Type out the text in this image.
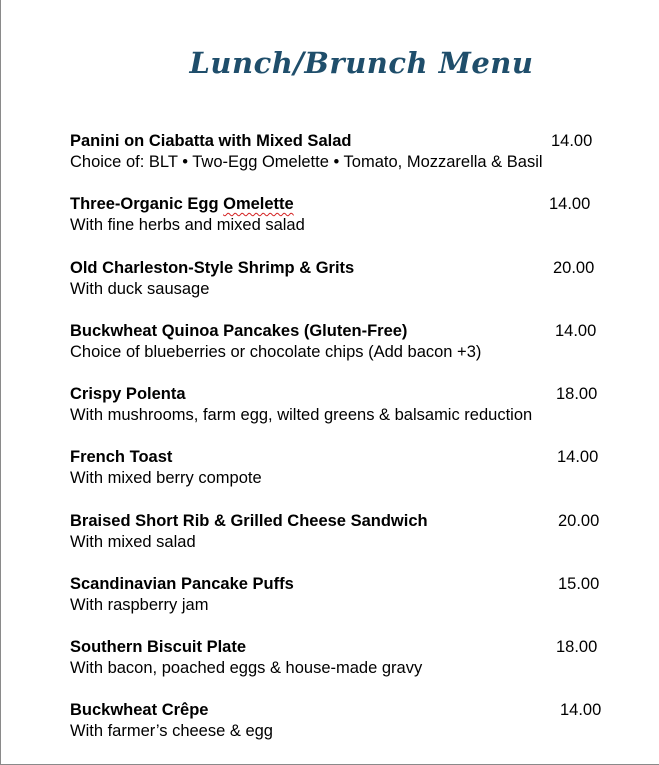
Lunch/Brunch Menu
Panini on Ciabatta with Mixed Salad	14.00
Choice of: BLT • Two-Egg Omelette • Tomato, Mozzarella & Basil
Three-Organic Egg Omelette	14.00
With fine herbs and mixed salad
Old Charleston-Style Shrimp & Grits	20.00
With duck sausage
Buckwheat Quinoa Pancakes (Gluten-Free)	14.00
Choice of blueberries or chocolate chips (Add bacon +3)
Crispy Polenta	18.00
With mushrooms, farm egg, wilted greens & balsamic reduction
French Toast	14.00
With mixed berry compote
Braised Short Rib & Grilled Cheese Sandwich	20.00
With mixed salad
Scandinavian Pancake Puffs	15.00
With raspberry jam
Southern Biscuit Plate	18.00
With bacon, poached eggs & house-made gravy
Buckwheat Crêpe	14.00
With farmer’s cheese & egg
